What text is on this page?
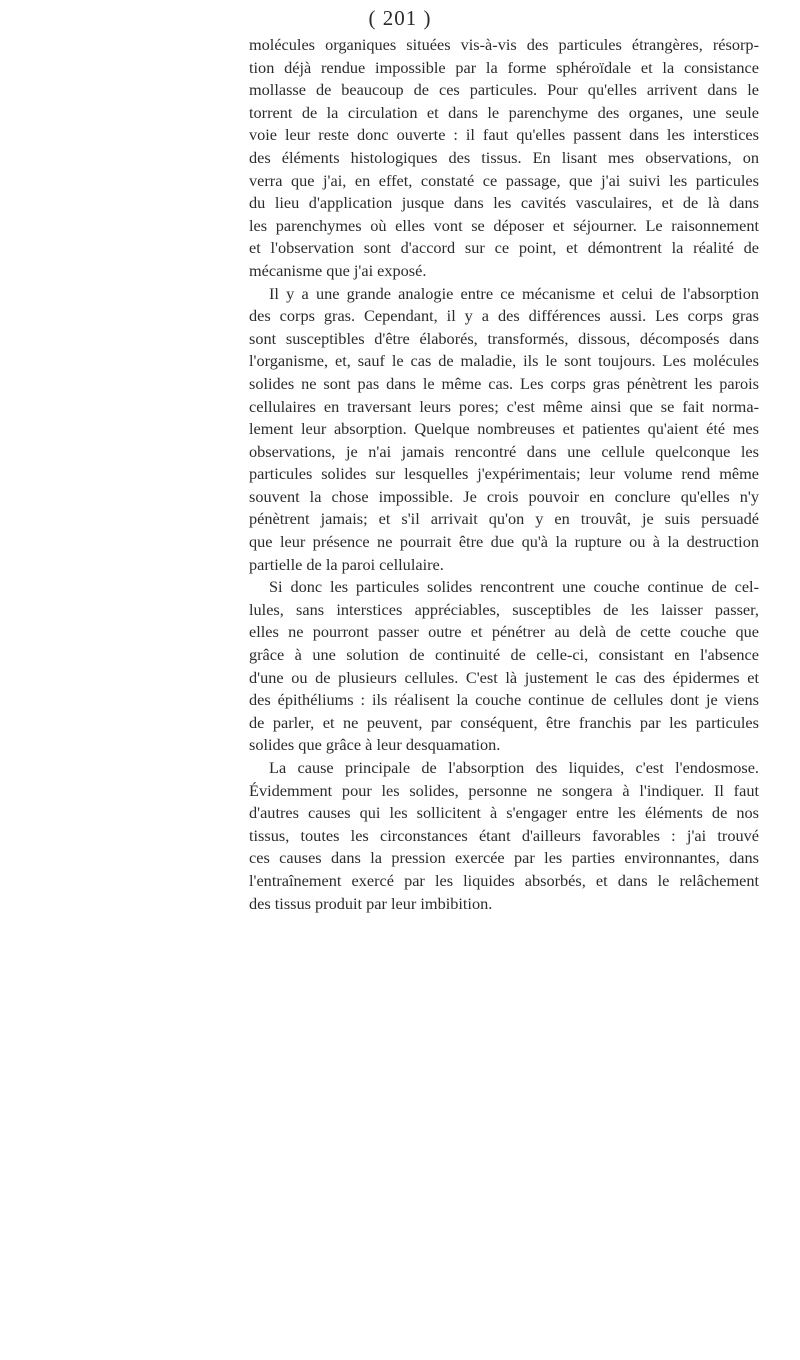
( 201 )
molécules organiques situées vis-à-vis des particules étrangères, résorp-
tion déjà rendue impossible par la forme sphéroïdale et la consistance
mollasse de beaucoup de ces particules. Pour qu'elles arrivent dans le
torrent de la circulation et dans le parenchyme des organes, une seule
voie leur reste donc ouverte : il faut qu'elles passent dans les interstices
des éléments histologiques des tissus. En lisant mes observations, on
verra que j'ai, en effet, constaté ce passage, que j'ai suivi les particules
du lieu d'application jusque dans les cavités vasculaires, et de là dans
les parenchymes où elles vont se déposer et séjourner. Le raisonnement
et l'observation sont d'accord sur ce point, et démontrent la réalité de
mécanisme que j'ai exposé.
Il y a une grande analogie entre ce mécanisme et celui de l'absorption
des corps gras. Cependant, il y a des différences aussi. Les corps gras
sont susceptibles d'être élaborés, transformés, dissous, décomposés dans
l'organisme, et, sauf le cas de maladie, ils le sont toujours. Les molécules
solides ne sont pas dans le même cas. Les corps gras pénètrent les parois
cellulaires en traversant leurs pores; c'est même ainsi que se fait norma-
lement leur absorption. Quelque nombreuses et patientes qu'aient été mes
observations, je n'ai jamais rencontré dans une cellule quelconque les
particules solides sur lesquelles j'expérimentais; leur volume rend même
souvent la chose impossible. Je crois pouvoir en conclure qu'elles n'y
pénètrent jamais; et s'il arrivait qu'on y en trouvât, je suis persuadé
que leur présence ne pourrait être due qu'à la rupture ou à la destruction
partielle de la paroi cellulaire.
Si donc les particules solides rencontrent une couche continue de cel-
lules, sans interstices appréciables, susceptibles de les laisser passer,
elles ne pourront passer outre et pénétrer au delà de cette couche que
grâce à une solution de continuité de celle-ci, consistant en l'absence
d'une ou de plusieurs cellules. C'est là justement le cas des épidermes et
des épithéliums : ils réalisent la couche continue de cellules dont je viens
de parler, et ne peuvent, par conséquent, être franchis par les particules
solides que grâce à leur desquamation.
La cause principale de l'absorption des liquides, c'est l'endosmose.
Évidemment pour les solides, personne ne songera à l'indiquer. Il faut
d'autres causes qui les sollicitent à s'engager entre les éléments de nos
tissus, toutes les circonstances étant d'ailleurs favorables : j'ai trouvé
ces causes dans la pression exercée par les parties environnantes, dans
l'entraînement exercé par les liquides absorbés, et dans le relâchement
des tissus produit par leur imbibition.
